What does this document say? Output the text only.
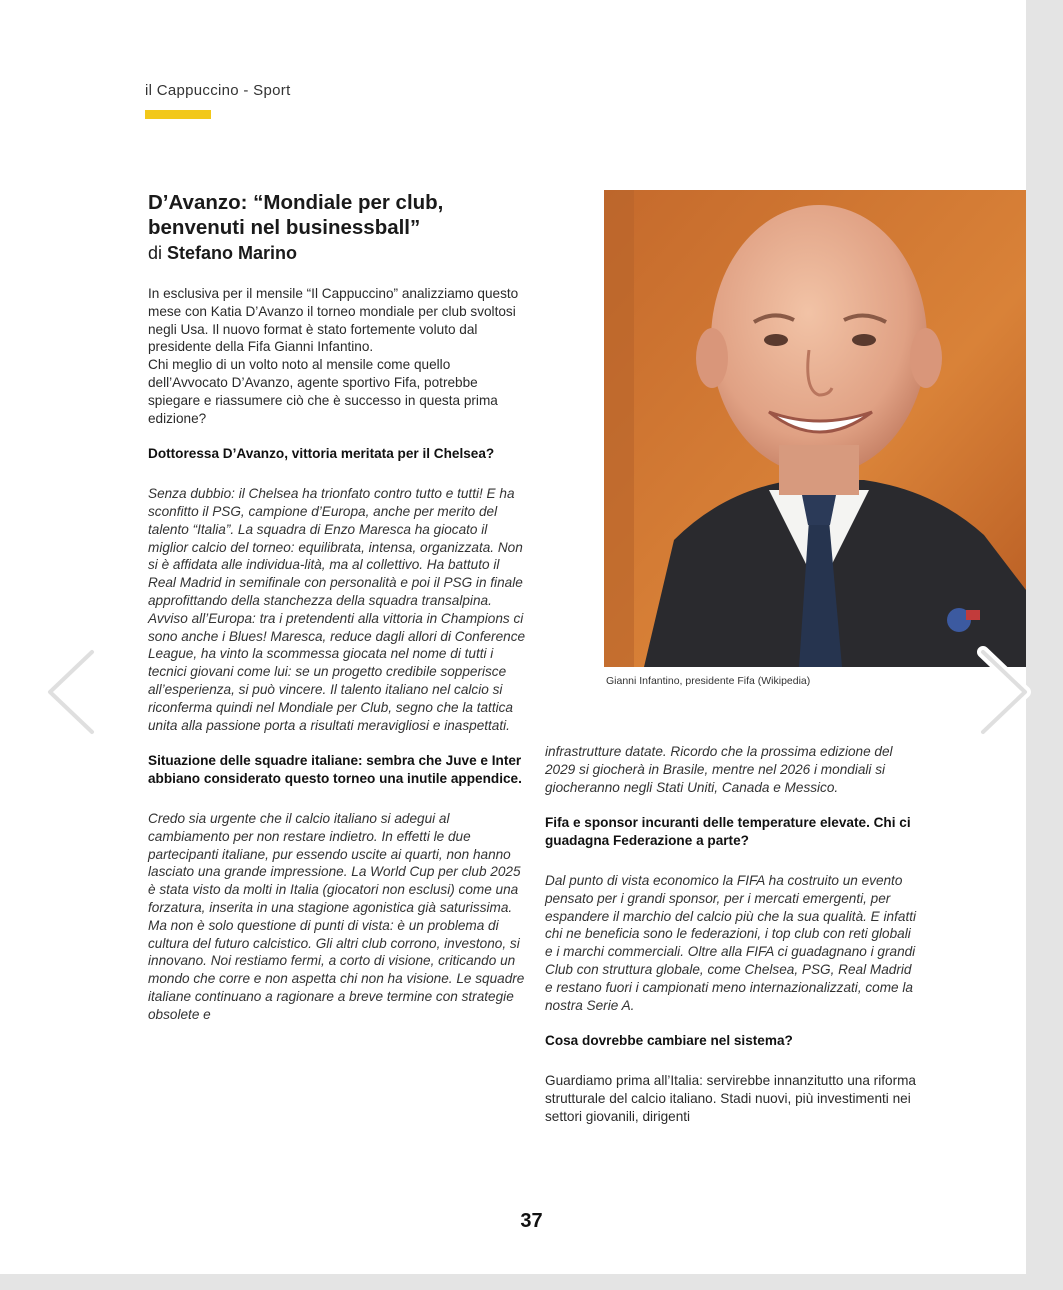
il Cappuccino - Sport
D’Avanzo: “Mondiale per club, benvenuti nel businessball”
di Stefano Marino

In esclusiva per il mensile “Il Cappuccino” analizziamo questo mese con Katia D’Avanzo il torneo mondiale per club svoltosi negli Usa. Il nuovo format è stato fortemente voluto dal presidente della Fifa Gianni Infantino.

Chi meglio di un volto noto al mensile come quello dell’Avvocato D’Avanzo, agente sportivo Fifa, potrebbe spiegare e riassumere ciò che è successo in questa prima edizione?

Dottoressa D’Avanzo, vittoria meritata per il Chelsea?

Senza dubbio: il Chelsea ha trionfato contro tutto e tutti! E ha sconfitto il PSG, campione d’Europa, anche per merito del talento “Italia”. La squadra di Enzo Maresca ha giocato il miglior calcio del torneo: equilibrata, intensa, organizzata. Non si è affidata alle individua-lità, ma al collettivo. Ha battuto il Real Madrid in semifinale con personalità e poi il PSG in finale approfittando della stanchezza della squadra transalpina. Avviso all’Europa: tra i pretendenti alla vittoria in Champions ci sono anche i Blues! Maresca, reduce dagli allori di Conference League, ha vinto la scommessa giocata nel nome di tutti i tecnici giovani come lui: se un progetto credibile sopperisce all’esperienza, si può vincere. Il talento italiano nel calcio si riconferma quindi nel Mondiale per Club, segno che la tattica unita alla passione porta a risultati meravigliosi e inaspettati.

Situazione delle squadre italiane: sembra che Juve e Inter abbiano considerato questo torneo una inutile appendice.

Credo sia urgente che il calcio italiano si adegui al cambiamento per non restare indietro. In effetti le due partecipanti italiane, pur essendo uscite ai quarti, non hanno lasciato una grande impressione. La World Cup per club 2025 è stata visto da molti in Italia (giocatori non esclusi) come una forzatura, inserita in una stagione agonistica già saturissima. Ma non è solo questione di punti di vista: è un problema di cultura del futuro calcistico. Gli altri club corrono, investono, si innovano. Noi restiamo fermi, a corto di visione, criticando un mondo che corre e non aspetta chi non ha visione. Le squadre italiane continuano a ragionare a breve termine con strategie obsolete e

Gianni Infantino, presidente Fifa (Wikipedia)

infrastrutture datate. Ricordo che la prossima edizione del 2029 si giocherà in Brasile, mentre nel 2026 i mondiali si giocheranno negli Stati Uniti, Canada e Messico.

Fifa e sponsor incuranti delle temperature elevate. Chi ci guadagna Federazione a parte?

Dal punto di vista economico la FIFA ha costruito un evento pensato per i grandi sponsor, per i mercati emergenti, per espandere il marchio del calcio più che la sua qualità. E infatti chi ne beneficia sono le federazioni, i top club con reti globali e i marchi commerciali. Oltre alla FIFA ci guadagnano i grandi Club con struttura globale, come Chelsea, PSG, Real Madrid e restano fuori i campionati meno internazionalizzati, come la nostra Serie A.

Cosa dovrebbe cambiare nel sistema?

Guardiamo prima all’Italia: servirebbe innanzitutto una riforma strutturale del calcio italiano. Stadi nuovi, più investimenti nei settori giovanili, dirigenti

37
